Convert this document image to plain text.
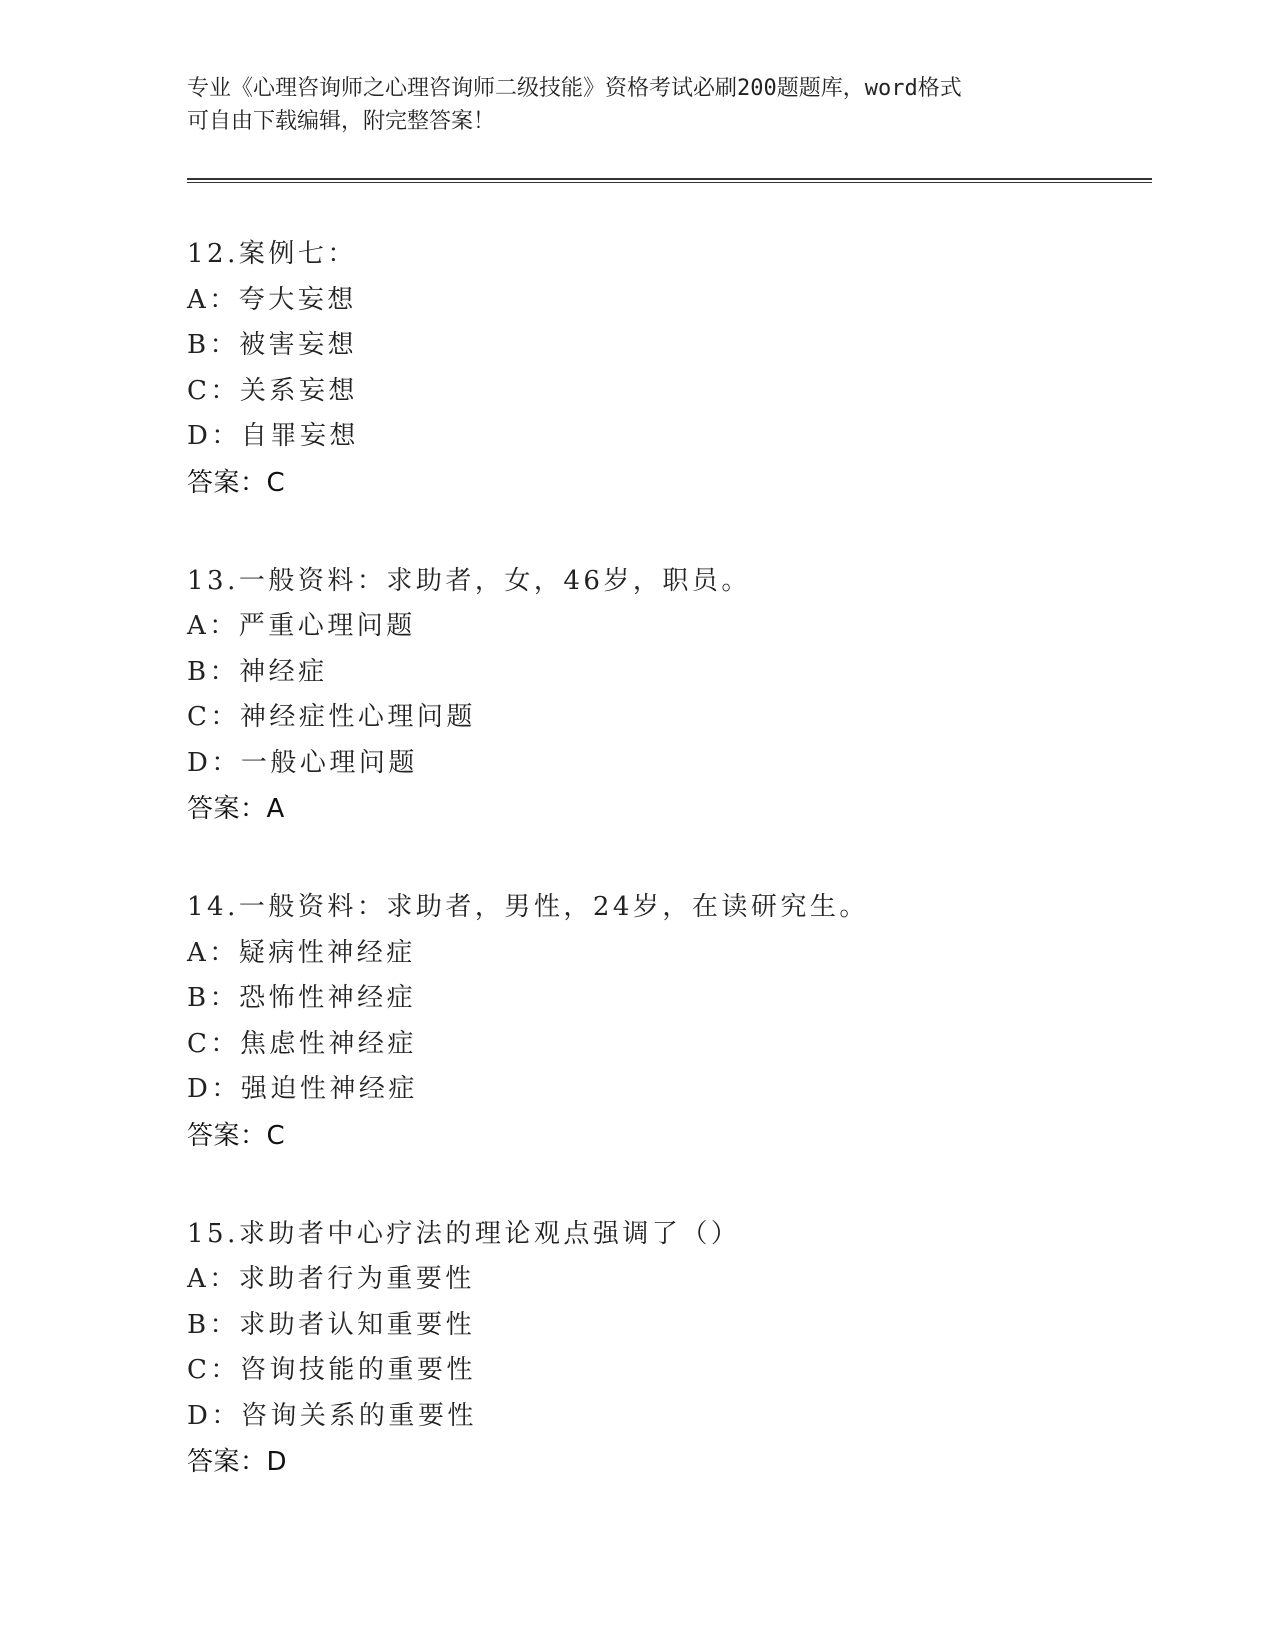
专业《心理咨询师之心理咨询师二级技能》资格考试必刷200题题库，word格式
可自由下载编辑，附完整答案！
12.案例七：
A：夸大妄想
B：被害妄想
C：关系妄想
D：自罪妄想
答案：C
13.一般资料：求助者，女，46岁，职员。
A：严重心理问题
B：神经症
C：神经症性心理问题
D：一般心理问题
答案：A
14.一般资料：求助者，男性，24岁，在读研究生。
A：疑病性神经症
B：恐怖性神经症
C：焦虑性神经症
D：强迫性神经症
答案：C
15.求助者中心疗法的理论观点强调了（）
A：求助者行为重要性
B：求助者认知重要性
C：咨询技能的重要性
D：咨询关系的重要性
答案：D
